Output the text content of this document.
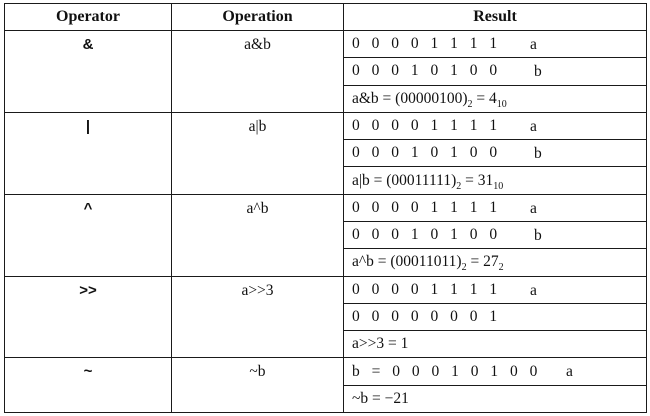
Operator	Operation	Result
&	a&b	0 0 0 0 1 1 1 1 a

		0 0 0 1 0 1 0 0 b

		a&b = $(00000100)_2 = 4_{10}$
|	a|b	0 0 0 0 1 1 1 1 a

		0 0 0 1 0 1 0 0 b

		$a|b = (00011111)_2 = 31_{10}$
^	a^b	0 0 0 0 1 1 1 1 a

		0 0 0 1 0 1 0 0 b

		a^b = $(00011011)_2 = 27_2$
>>	a>>3	0 0 0 0 1 1 1 1 a

		0 0 0 0 0 0 0 1
		a>>3 = 1
~	~b	b = 0 0 0 1 0 1 0 0 a

		~b = −21
